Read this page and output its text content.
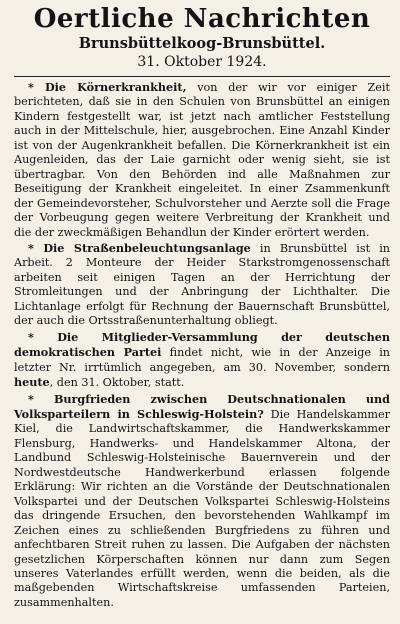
Oertliche Nachrichten
Brunsbüttelkoog-Brunsbüttel.
31. Oktober 1924.

* Die Körnerkrankheit, von der wir vor einiger Zeit berichteten, daß sie in den Schulen von Brunsbüttel an einigen Kindern festgestellt war, ist jetzt nach amtlicher Feststellung auch in der Mittelschule, hier, ausgebrochen. Eine Anzahl Kinder ist von der Augenkrankheit befallen. Die Körnerkrankheit ist ein Augenleiden, das der Laie garnicht oder wenig sieht, sie ist übertragbar. Von den Behörden ind alle Maßnahmen zur Beseitigung der Krankheit eingeleitet. In einer Zsammenkunft der Gemeindevorsteher, Schulvorsteher und Aerzte soll die Frage der Vorbeugung gegen weitere Verbreitung der Krankheit und die der zweckmäßigen Behandlun der Kinder erörtert werden.

* Die Straßenbeleuchtungsanlage in Brunsbüttel ist in Arbeit. 2 Monteure der Heider Starkstromgenossenschaft arbeiten seit einigen Tagen an der Herrichtung der Stromleitungen und der Anbringung der Lichthalter. Die Lichtanlage erfolgt für Rechnung der Bauernschaft Brunsbüttel, der auch die Ortsstraßenunterhaltung obliegt.

* Die Mitglieder-Versammlung der deutschen demokratischen Partei findet nicht, wie in der Anzeige in letzter Nr. irrtümlich angegeben, am 30. November, sondern heute, den 31. Oktober, statt.

* Burgfrieden zwischen Deutschnationalen und Volksparteilern in Schleswig-Holstein? Die Handelskammer Kiel, die Landwirtschaftskammer, die Handwerkskammer Flensburg, Handwerks- und Handelskammer Altona, der Landbund Schleswig-Holsteinische Bauernverein und der Nordwestdeutsche Handwerkerbund erlassen folgende Erklärung: Wir richten an die Vorstände der Deutschnationalen Volkspartei und der Deutschen Volkspartei Schleswig-Holsteins das dringende Ersuchen, den bevorstehenden Wahlkampf im Zeichen eines zu schließenden Burgfriedens zu führen und anfechtbaren Streit ruhen zu lassen. Die Aufgaben der nächsten gesetzlichen Körperschaften können nur dann zum Segen unseres Vaterlandes erfüllt werden, wenn die beiden, als die maßgebenden Wirtschaftskreise umfassenden Parteien, zusammenhalten.
